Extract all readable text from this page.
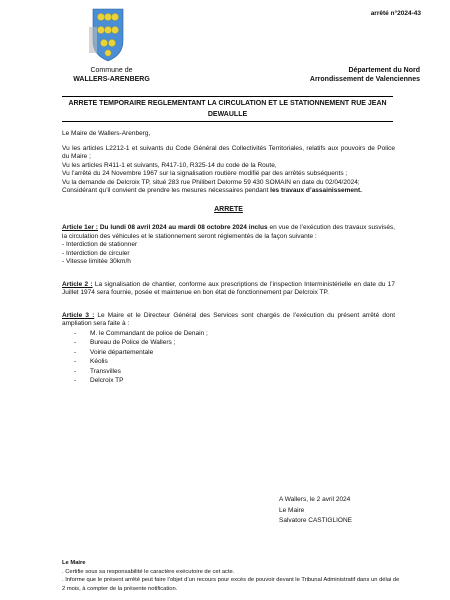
arrêté n°2024-43
Commune de
WALLERS-ARENBERG
Département du Nord
Arrondissement de Valenciennes
ARRETE TEMPORAIRE REGLEMENTANT LA CIRCULATION ET LE STATIONNEMENT RUE JEAN
DEWAULLE

Le Maire de Wallers-Arenberg,

Vu les articles L2212-1 et suivants du Code Général des Collectivités Territoriales, relatifs aux pouvoirs de Police du Maire ;

Vu les articles R411-1 et suivants, R417-10, R325-14 du code de la Route,

Vu l’arrêté du 24 Novembre 1967 sur la signalisation routière modifié par des arrêtés subséquents ;

Vu la demande de Delcroix TP, situé 283 rue Philibert Delorme 59 430 SOMAIN en date du 02/04/2024;

Considérant qu’il convient de prendre les mesures nécessaires pendant les travaux d’assainissement.

ARRETE

Article 1er : Du lundi 08 avril 2024 au mardi 08 octobre 2024 inclus en vue de l’exécution des travaux susvisés, la circulation des véhicules et le stationnement seront réglementés de la façon suivante :

- Interdiction de stationner

- Interdiction de circuler

- Vitesse limitée 30km/h

Article 2 : La signalisation de chantier, conforme aux prescriptions de l’inspection Interministérielle en date du 17 Juillet 1974 sera fournie, posée et maintenue en bon état de fonctionnement par Delcroix TP.

Article 3 : Le Maire et le Directeur Général des Services sont chargés de l’exécution du présent arrêté dont ampliation sera faite à :

- M. le Commandant de police de Denain ;
- Bureau de Police de Wallers ;
- Voirie départementale
- Kéolis
- Transvilles
- Delcroix TP
A Wallers, le 2 avril 2024
Le Maire
Salvatore CASTIGLIONE
Le Maire
. Certifie sous sa responsabilité le caractère exécutoire de cet acte.
. Informe que le présent arrêté peut faire l’objet d’un recours pour excès de pouvoir devant le Tribunal Administratif dans un délai de 2 mois, à compter de la présente notification.
